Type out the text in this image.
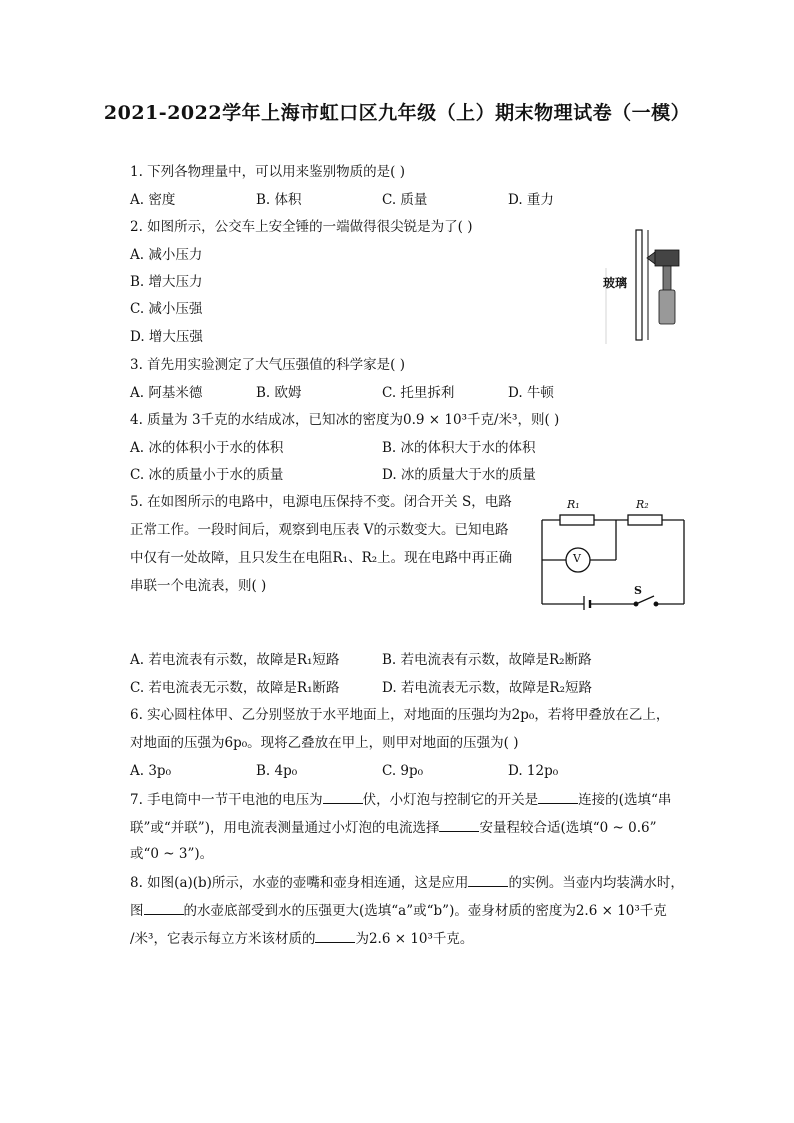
2021-2022学年上海市虹口区九年级（上）期末物理试卷（一模）
1. 下列各物理量中，可以用来鉴别物质的是( )
A. 密度	B. 体积	C. 质量	D. 重力
2. 如图所示，公交车上安全锤的一端做得很尖锐是为了( )
A. 减小压力
B. 增大压力
C. 减小压强
D. 增大压强
玻璃
3. 首先用实验测定了大气压强值的科学家是( )
A. 阿基米德	B. 欧姆	C. 托里拆利	D. 牛顿
4. 质量为 3千克的水结成冰，已知冰的密度为0.9 × 10³千克/米³，则( )
A. 冰的体积小于水的体积	B. 冰的体积大于水的体积
C. 冰的质量小于水的质量	D. 冰的质量大于水的质量
5. 在如图所示的电路中，电源电压保持不变。闭合开关 S，电路
正常工作。一段时间后，观察到电压表 V的示数变大。已知电路
中仅有一处故障，且只发生在电阻R₁、R₂上。现在电路中再正确
串联一个电流表，则( )
R₁	R₂
V
S
A. 若电流表有示数，故障是R₁短路	B. 若电流表有示数，故障是R₂断路
C. 若电流表无示数，故障是R₁断路	D. 若电流表无示数，故障是R₂短路
6. 实心圆柱体甲、乙分别竖放于水平地面上，对地面的压强均为2p₀，若将甲叠放在乙上，
对地面的压强为6p₀。现将乙叠放在甲上，则甲对地面的压强为( )
A. 3p₀	B. 4p₀	C. 9p₀	D. 12p₀
7. 手电筒中一节干电池的电压为	伏，小灯泡与控制它的开关是	连接的(选填“串
联”或“并联”)，用电流表测量通过小灯泡的电流选择	安量程较合适(选填“0 ~ 0.6”
或“0 ~ 3”)。
8. 如图(a)(b)所示，水壶的壶嘴和壶身相连通，这是应用	的实例。当壶内均装满水时，
图	的水壶底部受到水的压强更大(选填“a”或“b”)。壶身材质的密度为2.6 × 10³千克
/米³，它表示每立方米该材质的	为2.6 × 10³千克。
